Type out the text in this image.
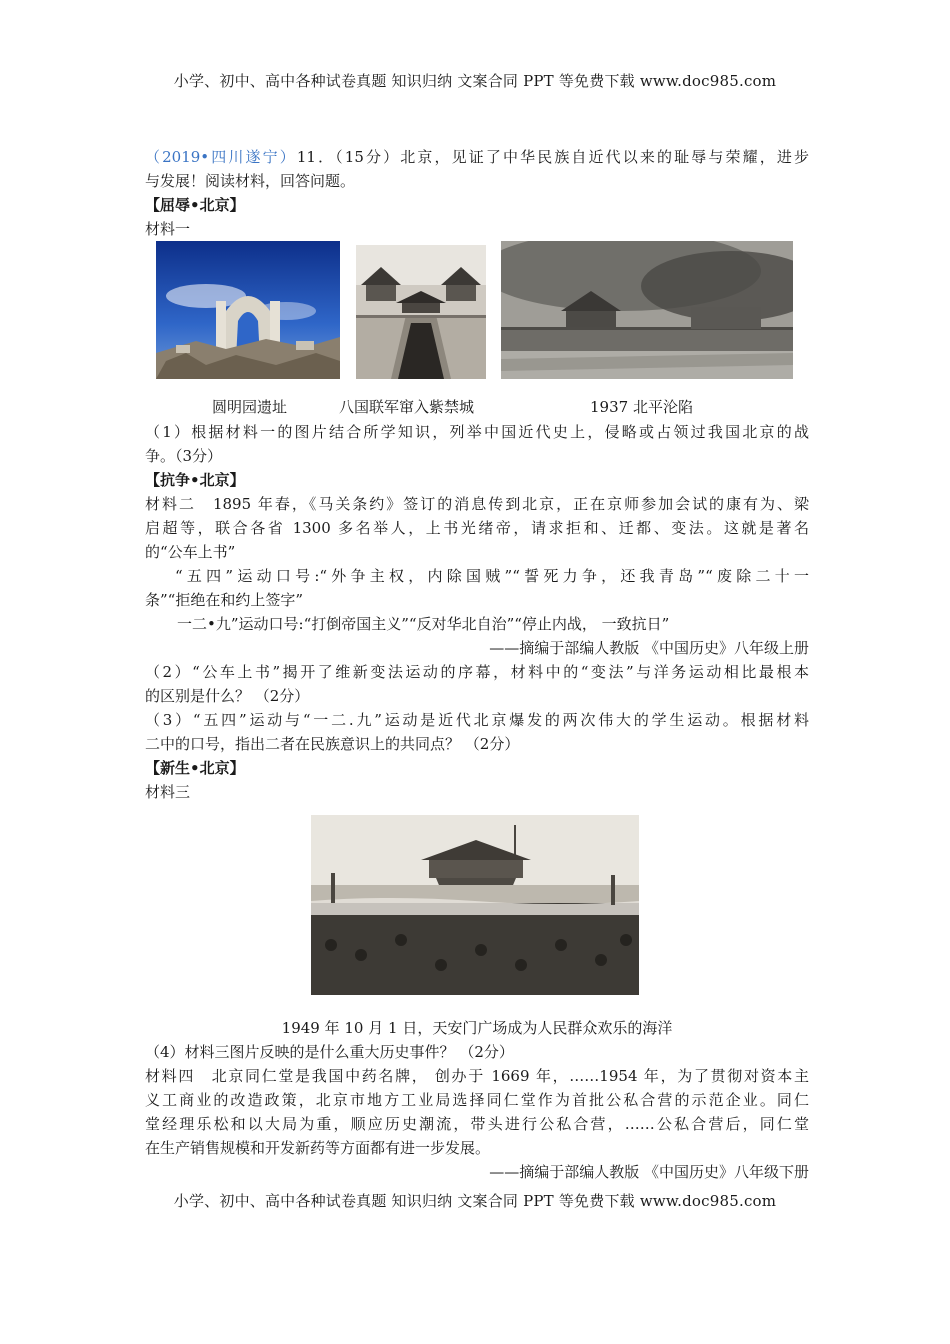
小学、初中、高中各种试卷真题 知识归纳 文案合同 PPT 等免费下载 www.doc985.com
（2019•四川遂宁）11．（15分）北京，见证了中华民族自近代以来的耻辱与荣耀，进步
与发展！阅读材料，回答问题。
【屈辱•北京】
材料一
圆明园遗址	八国联军窜入紫禁城	1937 北平沦陷
（1）根据材料一的图片结合所学知识，列举中国近代史上，侵略或占领过我国北京的战
争。（3分）
【抗争•北京】
材料二　1895 年春，《马关条约》签订的消息传到北京，正在京师参加会试的康有为、梁
启超等，联合各省 1300 多名举人，上书光绪帝，请求拒和、迁都、变法。这就是著名
的“公车上书”
“五四”运动口号:“外争主权，内除国贼”“誓死力争，还我青岛”“废除二十一
条”“拒绝在和约上签字”
一二•九”运动口号:“打倒帝国主义”“反对华北自治”“停止内战， 一致抗日”
——摘编于部编人教版 《中国历史》八年级上册
（2）“公车上书”揭开了维新变法运动的序幕，材料中的“变法”与洋务运动相比最根本
的区别是什么？ （2分）
（3）“五四”运动与“一二.九”运动是近代北京爆发的两次伟大的学生运动。根据材料
二中的口号，指出二者在民族意识上的共同点？ （2分）
【新生•北京】
材料三
1949 年 10 月 1 日，天安门广场成为人民群众欢乐的海洋
（4）材料三图片反映的是什么重大历史事件？ （2分）
材料四　北京同仁堂是我国中药名牌， 创办于 1669 年，……1954 年，为了贯彻对资本主
义工商业的改造政策，北京市地方工业局选择同仁堂作为首批公私合营的示范企业。同仁
堂经理乐松和以大局为重，顺应历史潮流，带头进行公私合营，……公私合营后，同仁堂
在生产销售规模和开发新药等方面都有进一步发展。
——摘编于部编人教版 《中国历史》八年级下册
小学、初中、高中各种试卷真题 知识归纳 文案合同 PPT 等免费下载 www.doc985.com
